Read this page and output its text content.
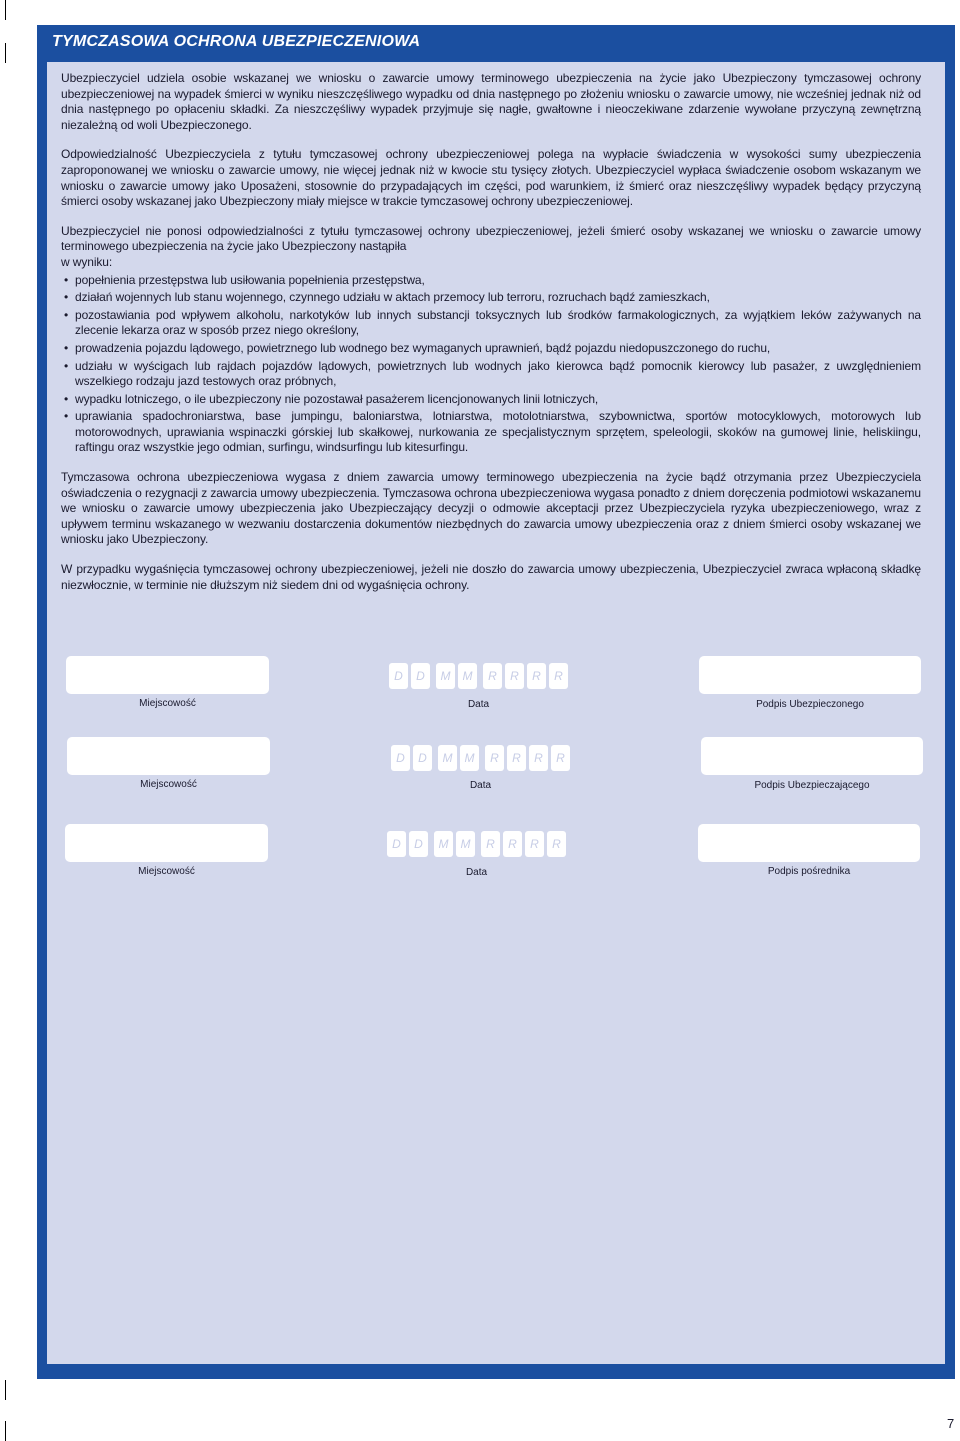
TYMCZASOWA OCHRONA UBEZPIECZENIOWA

Ubezpieczyciel udziela osobie wskazanej we wniosku o zawarcie umowy terminowego ubezpieczenia na życie jako Ubezpieczony tymczasowej ochrony ubezpieczeniowej na wypadek śmierci w wyniku nieszczęśliwego wypadku od dnia następnego po złożeniu wniosku o zawarcie umowy, nie wcześniej jednak niż od dnia następnego po opłaceniu składki. Za nieszczęśliwy wypadek przyjmuje się nagłe, gwałtowne i nieoczekiwane zdarzenie wywołane przyczyną zewnętrzną niezależną od woli Ubezpieczonego.

Odpowiedzialność Ubezpieczyciela z tytułu tymczasowej ochrony ubezpieczeniowej polega na wypłacie świadczenia w wysokości sumy ubezpieczenia zaproponowanej we wniosku o zawarcie umowy, nie więcej jednak niż w kwocie stu tysięcy złotych. Ubezpieczyciel wypłaca świadczenie osobom wskazanym we wniosku o zawarcie umowy jako Uposażeni, stosownie do przypadających im części, pod warunkiem, iż śmierć oraz nieszczęśliwy wypadek będący przyczyną śmierci osoby wskazanej jako Ubezpieczony miały miejsce w trakcie tymczasowej ochrony ubezpieczeniowej.

Ubezpieczyciel nie ponosi odpowiedzialności z tytułu tymczasowej ochrony ubezpieczeniowej, jeżeli śmierć osoby wskazanej we wniosku o zawarcie umowy terminowego ubezpieczenia na życie jako Ubezpieczony nastąpiła
w wyniku:

• popełnienia przestępstwa lub usiłowania popełnienia przestępstwa,
• działań wojennych lub stanu wojennego, czynnego udziału w aktach przemocy lub terroru, rozruchach bądź zamieszkach,
• pozostawiania pod wpływem alkoholu, narkotyków lub innych substancji toksycznych lub środków farmakologicznych, za wyjątkiem leków zażywanych na zlecenie lekarza oraz w sposób przez niego określony,
• prowadzenia pojazdu lądowego, powietrznego lub wodnego bez wymaganych uprawnień, bądź pojazdu niedopuszczonego do ruchu,
• udziału w wyścigach lub rajdach pojazdów lądowych, powietrznych lub wodnych jako kierowca bądź pomocnik kierowcy lub pasażer, z uwzględnieniem wszelkiego rodzaju jazd testowych oraz próbnych,
• wypadku lotniczego, o ile ubezpieczony nie pozostawał pasażerem licencjonowanych linii lotniczych,
• uprawiania spadochroniarstwa, base jumpingu, baloniarstwa, lotniarstwa, motolotniarstwa, szybownictwa, sportów motocyklowych, motorowych lub motorowodnych, uprawiania wspinaczki górskiej lub skałkowej, nurkowania ze specjalistycznym sprzętem, speleologii, skoków na gumowej linie, heliskiingu, raftingu oraz wszystkie jego odmian, surfingu, windsurfingu lub kitesurfingu.

Tymczasowa ochrona ubezpieczeniowa wygasa z dniem zawarcia umowy terminowego ubezpieczenia na życie bądź otrzymania przez Ubezpieczyciela oświadczenia o rezygnacji z zawarcia umowy ubezpieczenia. Tymczasowa ochrona ubezpieczeniowa wygasa ponadto z dniem doręczenia podmiotowi wskazanemu we wniosku o zawarcie umowy ubezpieczenia jako Ubezpieczający decyzji o odmowie akceptacji przez Ubezpieczyciela ryzyka ubezpieczeniowego, wraz z upływem terminu wskazanego w wezwaniu dostarczenia dokumentów niezbędnych do zawarcia umowy ubezpieczenia oraz z dniem śmierci osoby wskazanej we wniosku jako Ubezpieczony.

W przypadku wygaśnięcia tymczasowej ochrony ubezpieczeniowej, jeżeli nie doszło do zawarcia umowy ubezpieczenia, Ubezpieczyciel zwraca wpłaconą składkę niezwłocznie, w terminie nie dłuższym niż siedem dni od wygaśnięcia ochrony.

Miejscowość
D	D	M	M	R	R	R	R
Data	Podpis Ubezpieczonego
Miejscowość
D	D	M	M	R	R	R	R
Data	Podpis Ubezpieczającego
Miejscowość
D	D	M	M	R	R	R	R
Data	Podpis pośrednika
7
